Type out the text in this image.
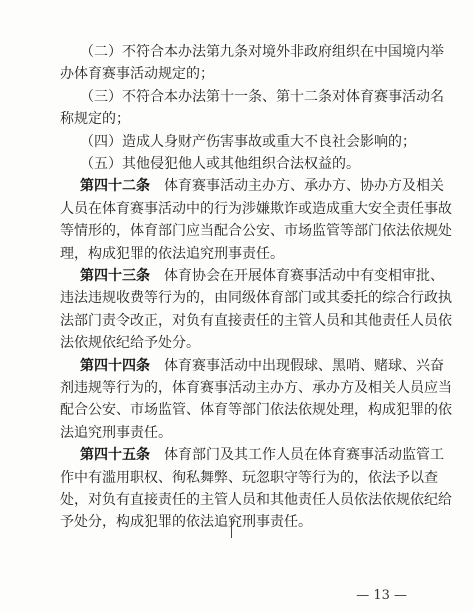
（二）不符合本办法第九条对境外非政府组织在中国境内举
办体育赛事活动规定的；
（三）不符合本办法第十一条、第十二条对体育赛事活动名
称规定的；
（四）造成人身财产伤害事故或重大不良社会影响的；
（五）其他侵犯他人或其他组织合法权益的。
第四十二条　体育赛事活动主办方、承办方、协办方及相关
人员在体育赛事活动中的行为涉嫌欺诈或造成重大安全责任事故
等情形的，体育部门应当配合公安、市场监管等部门依法依规处
理，构成犯罪的依法追究刑事责任。
第四十三条　体育协会在开展体育赛事活动中有变相审批、
违法违规收费等行为的，由同级体育部门或其委托的综合行政执
法部门责令改正，对负有直接责任的主管人员和其他责任人员依
法依规依纪给予处分。
第四十四条　体育赛事活动中出现假球、黑哨、赌球、兴奋
剂违规等行为的，体育赛事活动主办方、承办方及相关人员应当
配合公安、市场监管、体育等部门依法依规处理，构成犯罪的依
法追究刑事责任。
第四十五条　体育部门及其工作人员在体育赛事活动监管工
— 13 —
作中有滥用职权、徇私舞弊、玩忽职守等行为的，依法予以查
处，对负有直接责任的主管人员和其他责任人员依法依规依纪给
予处分，构成犯罪的依法追究刑事责任。
